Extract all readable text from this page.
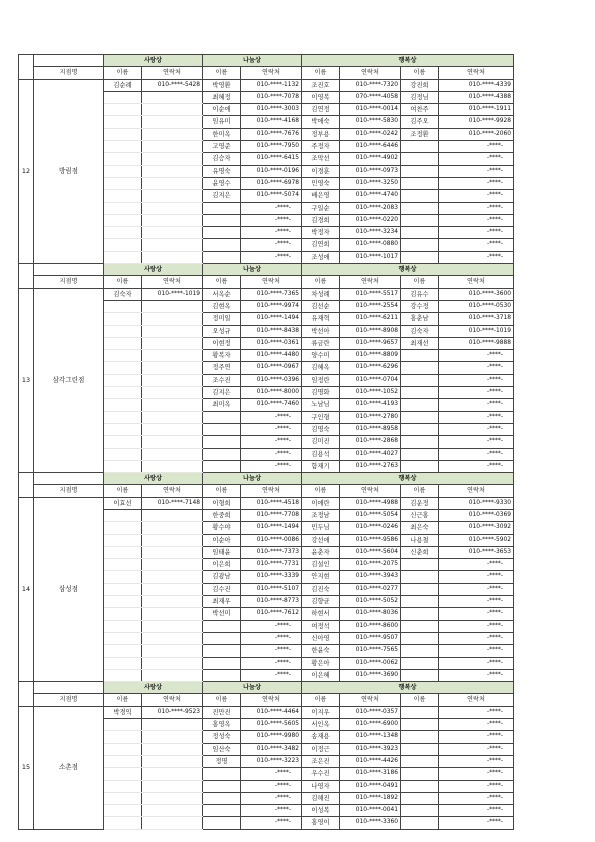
		사랑상		나눔상		행복상			
	지점명	이름	연락처	이름	연락처	이름	연락처	이름	연락처
12	방림점	김순례	010-****-5428	박영환	010-****-1132	조진호	010-****-7320	강진희	010-****-4339
				최혜정	010-****-7078	이영복	070-****-4058	김정님	010-****-4388
				이순애	010-****-3003	김연정	010-****-0014	여찬주	010-****-1911
				임유미	010-****-4168	박애숙	010-****-5830	김주오	010-****-9928
				한미옥	010-****-7676	정부용	010-****-0242	조정환	010-****-2060
				고영준	010-****-7950	주정자	010-****-6446		-****-
				김승자	010-****-6415	조막선	010-****-4902		-****-
				유명숙	010-****-0196	이경훈	010-****-0973		-****-
				윤영수	010-****-6978	민영숙	010-****-3250		-****-
				김지은	010-****-5074	배은영	010-****-4740		-****-
					-****-	구일순	010-****-2083		-****-
					-****-	김경희	010-****-0220		-****-
					-****-	박정자	010-****-3234		-****-
					-****-	김연희	010-****-0880		-****-
					-****-	조성애	010-****-1017		-****-
		사랑상		나눔상		행복상			
	지점명	이름	연락처	이름	연락처	이름	연락처	이름	연락처
13	삼각그린점	김숙자	010-****-1019	서옥순	010-****-7365	차성례	010-****-5517	김유수	010-****-3600
				김현옥	010-****-9974	김선순	010-****-2554	강수정	010-****-0530
				정미일	010-****-1494	유재혁	010-****-6211	홍춘남	010-****-3718
				오성규	010-****-8438	박선아	010-****-8908	김숙자	010-****-1019
				이현정	010-****-0361	류금란	010-****-9657	최재선	010-****-9888
				황복자	010-****-4480	양수미	010-****-8809		-****-
				정주연	010-****-0967	김혜옥	010-****-6296		-****-
				조수진	010-****-0396	임정란	010-****-0704		-****-
				김지은	010-****-8000	김명화	010-****-1052		-****-
				최미옥	010-****-7460	노남님	010-****-4193		-****-
					-****-	구인형	010-****-2780		-****-
					-****-	김명숙	010-****-8958		-****-
					-****-	김미진	010-****-2868		-****-
					-****-	김용석	010-****-4027		-****-
					-****-	함재기	010-****-2763		-****-
		사랑상		나눔상		행복상			
	지점명	이름	연락처	이름	연락처	이름	연락처	이름	연락처
14	삼성점	이효선	010-****-7148	이형희	010-****-4518	이애란	010-****-4988	김운정	010-****-9330
				한중희	010-****-7708	조정남	010-****-5054	신근홍	010-****-0369
				황수야	010-****-1494	민두님	010-****-0246	최은숙	010-****-3092
				이순아	010-****-0086	강선애	010-****-9586	나용철	010-****-5902
				임태윤	010-****-7373	윤춘자	010-****-5604	신춘희	010-****-3653
				이은희	010-****-7731	김설인	010-****-2075		-****-
				김광남	010-****-3339	안지현	010-****-3943		-****-
				김수진	010-****-5107	김진숙	010-****-0277		-****-
				최재우	010-****-8773	김향균	010-****-5052		-****-
				박선미	010-****-7612	하현서	010-****-8036		-****-
					-****-	여정석	010-****-8600		-****-
					-****-	신아영	010-****-9507		-****-
					-****-	한윤숙	010-****-7565		-****-
					-****-	황은아	010-****-0062		-****-
					-****-	이은혜	010-****-3690		-****-
		사랑상		나눔상		행복상			
	지점명	이름	연락처	이름	연락처	이름	연락처	이름	연락처
15	소촌점	박경익	010-****-9523	진만진	010-****-4464	이지우	010-****-0357		-****-
				홍영옥	010-****-5605	서인옥	010-****-6900		-****-
				정성숙	010-****-9980	송재용	010-****-1348		-****-
				임산숙	010-****-3482	이정근	010-****-3923		-****-
				정명	010-****-3223	조은진	010-****-4426		-****-
					-****-	우수진	010-****-3186		-****-
					-****-	나영자	010-****-0491		-****-
					-****-	김해진	010-****-1892		-****-
					-****-	이성복	010-****-0041		-****-
					-****-	홍영이	010-****-3360		-****-
